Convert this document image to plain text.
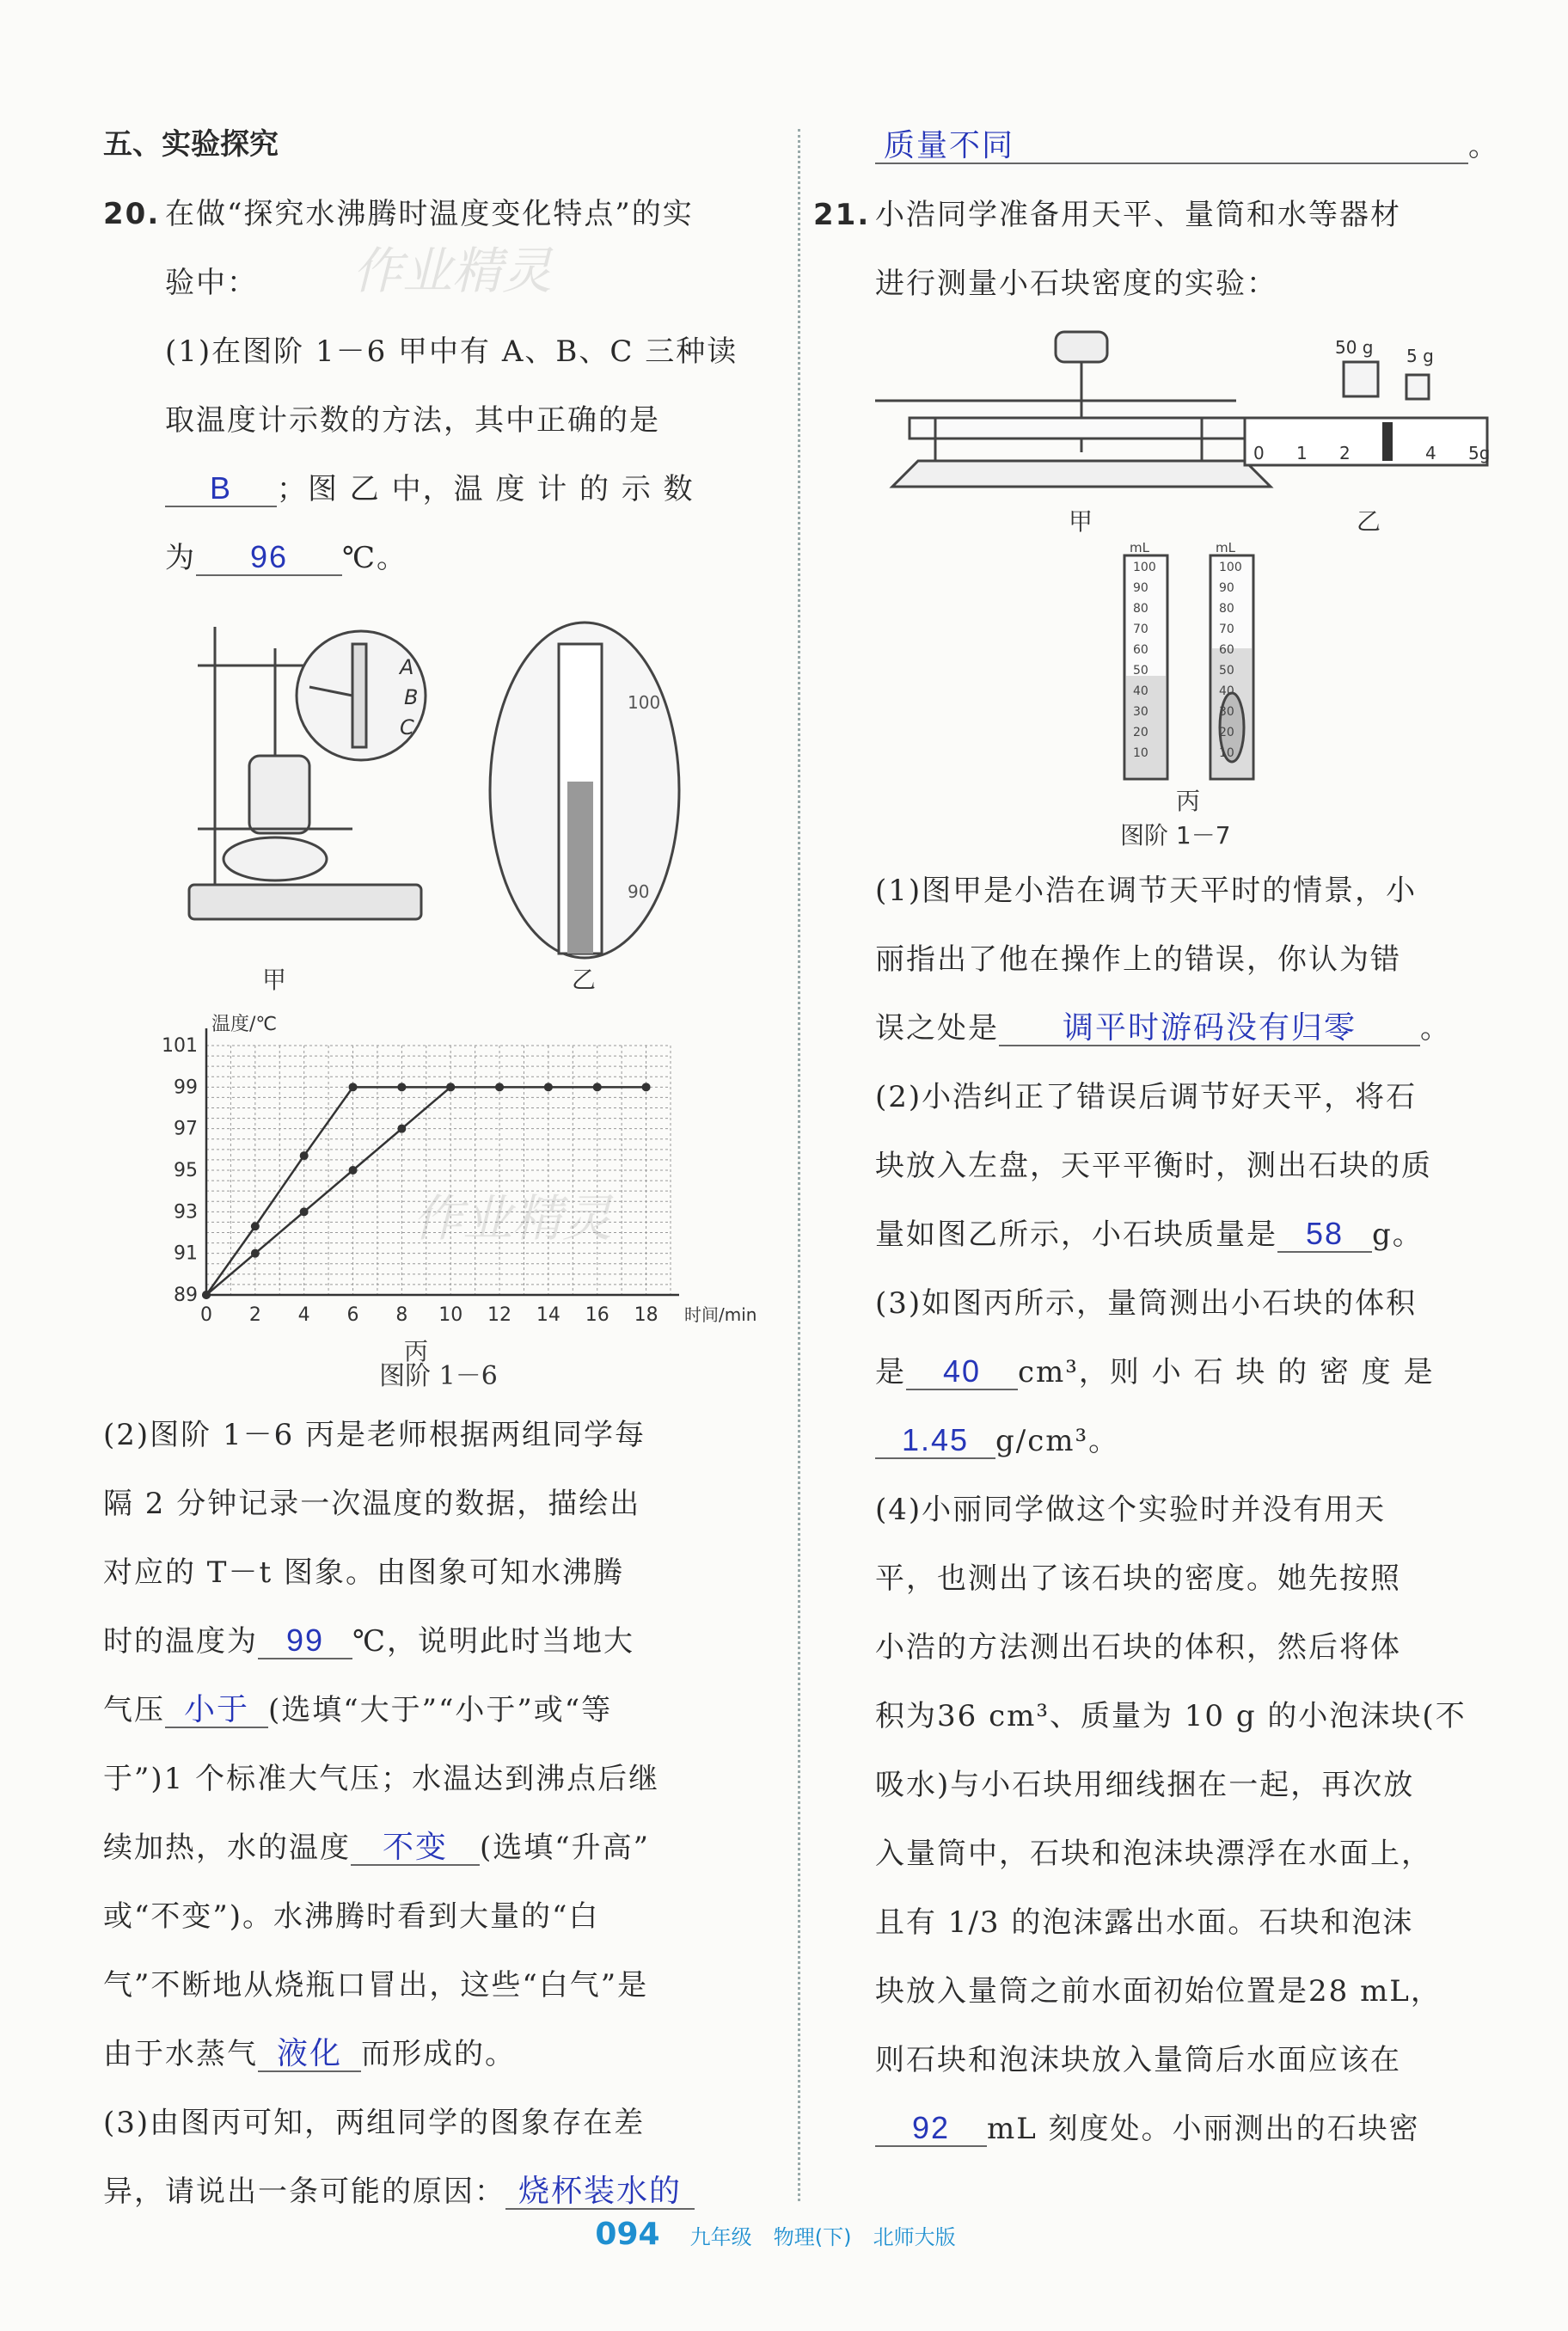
作业精灵
作业精灵
五、实验探究
20. 在做“探究水沸腾时温度变化特点”的实
验中：
(1)在图阶 1－6 甲中有 A、B、C 三种读
取温度计示数的方法，其中正确的是
B ；图 乙 中，温 度 计 的 示 数
为 96 ℃。
A
B
C
100
90
甲	乙
0 2 4 6 8 10 12 14 16 18
89
91
93
95
97
99
101
温度/℃
时间/min
丙
图阶 1－6
(2)图阶 1－6 丙是老师根据两组同学每
隔 2 分钟记录一次温度的数据，描绘出
对应的 T－t 图象。由图象可知水沸腾
时的温度为 99 ℃，说明此时当地大
气压 小于 (选填“大于”“小于”或“等
于”)1 个标准大气压；水温达到沸点后继
续加热，水的温度 不变 (选填“升高”
或“不变”)。水沸腾时看到大量的“白
气”不断地从烧瓶口冒出，这些“白气”是
由于水蒸气 液化 而形成的。
(3)由图丙可知，两组同学的图象存在差
异，请说出一条可能的原因： 烧杯装水的
质量不同	。
21. 小浩同学准备用天平、量筒和水等器材
进行测量小石块密度的实验：
甲
50 g 5 g
0 1 2 3 4 5g
乙
100	100
90	90
80	80
70	70
60	60
50	50
40	40
30	30
20	20
10	10
mL	mL
丙
图阶 1－7
(1)图甲是小浩在调节天平时的情景，小
丽指出了他在操作上的错误，你认为错
误之处是 调平时游码没有归零 。
(2)小浩纠正了错误后调节好天平，将石
块放入左盘，天平平衡时，测出石块的质
量如图乙所示，小石块质量是 58 g。
(3)如图丙所示，量筒测出小石块的体积
是 40 cm³，则 小 石 块 的 密 度 是
1.45 g/cm³。
(4)小丽同学做这个实验时并没有用天
平，也测出了该石块的密度。她先按照
小浩的方法测出石块的体积，然后将体
积为36 cm³、质量为 10 g 的小泡沫块(不
吸水)与小石块用细线捆在一起，再次放
入量筒中，石块和泡沫块漂浮在水面上，
且有 1/3 的泡沫露出水面。石块和泡沫
块放入量筒之前水面初始位置是28 mL，
则石块和泡沫块放入量筒后水面应该在
92 mL 刻度处。小丽测出的石块密
094 九年级 物理(下) 北师大版
